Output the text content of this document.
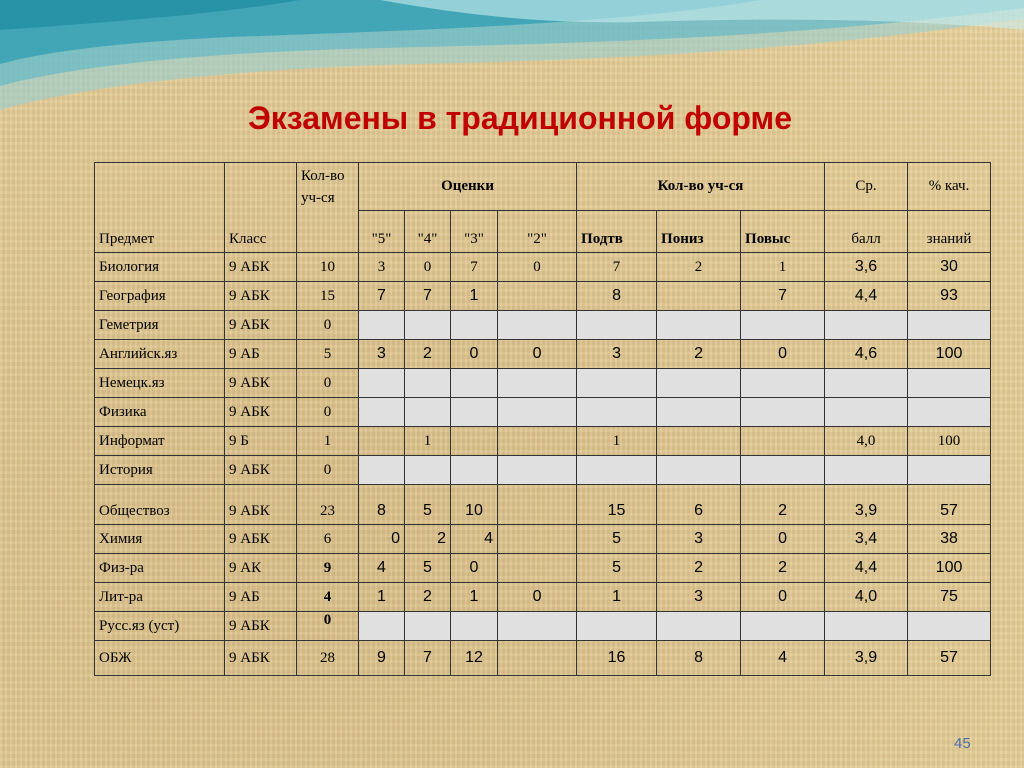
Экзамены в традиционной форме
Предмет	Класс	Кол-во уч-ся	Оценки				Кол-во уч-ся			Ср.	% кач.
			"5"	"4"	"3"	"2"	Подтв	Пониз	Повыс	балл	знаний
Биология	9 АБК	10	3	0	7	0	7	2	1	3,6	30
География	9 АБК	15	7	7	1		8		7	4,4	93
Геметрия	9 АБК	0									
Английск.яз	9 АБ	5	3	2	0	0	3	2	0	4,6	100
Немецк.яз	9 АБК	0									
Физика	9 АБК	0									
Информат	9 Б	1		1			1			4,0	100
История	9 АБК	0									
Обществоз	9 АБК	23	8	5	10		15	6	2	3,9	57
Химия	9 АБК	6	0	2	4		5	3	0	3,4	38
Физ-ра	9 АК	9	4	5	0		5	2	2	4,4	100
Лит-ра	9 АБ	4	1	2	1	0	1	3	0	4,0	75
Русс.яз (уст)	9 АБК	0									
ОБЖ	9 АБК	28	9	7	12		16	8	4	3,9	57
45
